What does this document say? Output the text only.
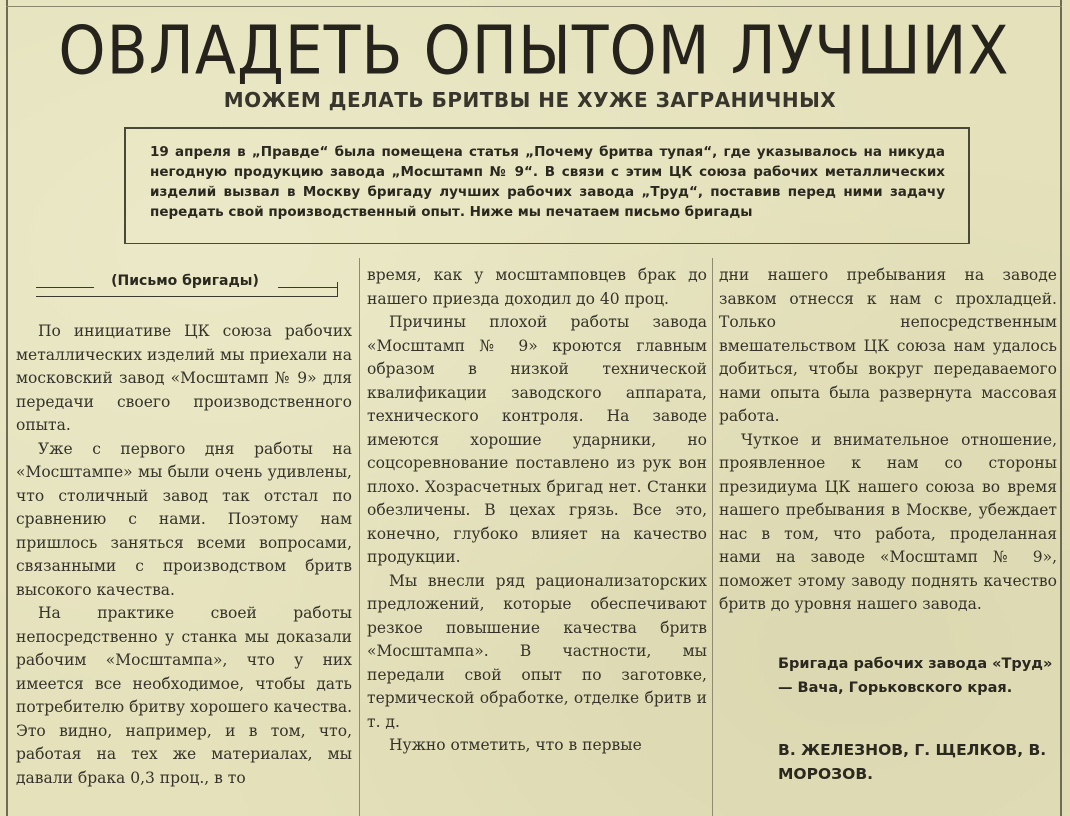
ОВЛАДЕТЬ ОПЫТОМ ЛУЧШИХ
МОЖЕМ ДЕЛАТЬ БРИТВЫ НЕ ХУЖЕ ЗАГРАНИЧНЫХ

19 апреля в „Правде“ была помещена статья „Почему бритва тупая“, где указывалось на никуда негодную продукцию завода „Мосштамп № 9“. В связи с этим ЦК союза рабочих металлических изделий вызвал в Москву бригаду лучших рабочих завода „Труд“, поставив перед ними задачу передать свой производственный опыт. Ниже мы печатаем письмо бригады

(Письмо бригады)

По инициативе ЦК союза рабочих металлических изделий мы приехали на московский завод «Мосштамп № 9» для передачи своего производственного опыта.

Уже с первого дня работы на «Мосштампе» мы были очень удивлены, что столичный завод так отстал по сравнению с нами. Поэтому нам пришлось заняться всеми вопросами, связанными с производством бритв высокого качества.

На практике своей работы непосредственно у станка мы доказали рабочим «Мосштампа», что у них имеется все необходимое, чтобы дать потребителю бритву хорошего качества. Это видно, например, и в том, что, работая на тех же материалах, мы давали брака 0,3 проц., в то

время, как у мосштамповцев брак до нашего приезда доходил до 40 проц.

Причины плохой работы завода «Мосштамп № 9» кроются главным образом в низкой технической квалификации заводского аппарата, технического контроля. На заводе имеются хорошие ударники, но соцсоревнование поставлено из рук вон плохо. Хозрасчетных бригад нет. Станки обезличены. В цехах грязь. Все это, конечно, глубоко влияет на качество продукции.

Мы внесли ряд рационализаторских предложений, которые обеспечивают резкое повышение качества бритв «Мосштампа». В частности, мы передали свой опыт по заготовке, термической обработке, отделке бритв и т. д.

Нужно отметить, что в первые

дни нашего пребывания на заводе завком отнесся к нам с прохладцей. Только непосредственным вмешательством ЦК союза нам удалось добиться, чтобы вокруг передаваемого нами опыта была развернута массовая работа.

Чуткое и внимательное отношение, проявленное к нам со стороны президиума ЦК нашего союза во время нашего пребывания в Москве, убеждает нас в том, что работа, проделанная нами на заводе «Мосштамп № 9», поможет этому заводу поднять качество бритв до уровня нашего завода.

Бригада рабочих завода «Труд» — Вача, Горьковского края.

В. ЖЕЛЕЗНОВ, Г. ЩЕЛКОВ, В. МОРОЗОВ.
